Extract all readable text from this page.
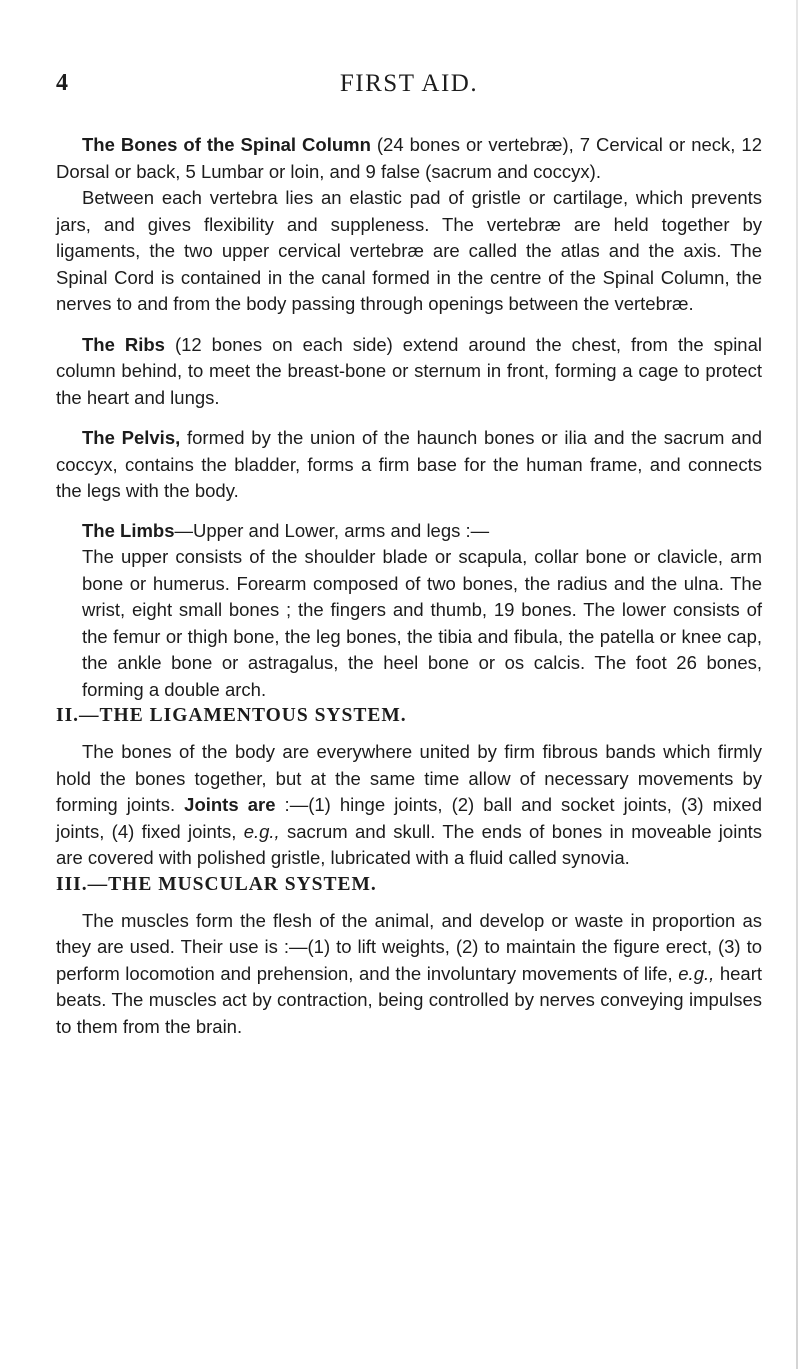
4	FIRST AID.

The Bones of the Spinal Column (24 bones or vertebræ), 7 Cervical or neck, 12 Dorsal or back, 5 Lumbar or loin, and 9 false (sacrum and coccyx).

Between each vertebra lies an elastic pad of gristle or cartilage, which prevents jars, and gives flexibility and suppleness. The vertebræ are held together by ligaments, the two upper cervical vertebræ are called the atlas and the axis. The Spinal Cord is contained in the canal formed in the centre of the Spinal Column, the nerves to and from the body passing through openings between the vertebræ.

The Ribs (12 bones on each side) extend around the chest, from the spinal column behind, to meet the breast-bone or sternum in front, forming a cage to protect the heart and lungs.

The Pelvis, formed by the union of the haunch bones or ilia and the sacrum and coccyx, contains the bladder, forms a firm base for the human frame, and connects the legs with the body.

The Limbs—Upper and Lower, arms and legs :—

The upper consists of the shoulder blade or scapula, collar bone or clavicle, arm bone or humerus. Forearm composed of two bones, the radius and the ulna. The wrist, eight small bones ; the fingers and thumb, 19 bones. The lower consists of the femur or thigh bone, the leg bones, the tibia and fibula, the patella or knee cap, the ankle bone or astragalus, the heel bone or os calcis. The foot 26 bones, forming a double arch.

II.—THE LIGAMENTOUS SYSTEM.

The bones of the body are everywhere united by firm fibrous bands which firmly hold the bones together, but at the same time allow of necessary movements by forming joints. Joints are :—(1) hinge joints, (2) ball and socket joints, (3) mixed joints, (4) fixed joints, e.g., sacrum and skull. The ends of bones in moveable joints are covered with polished gristle, lubricated with a fluid called synovia.

III.—THE MUSCULAR SYSTEM.

The muscles form the flesh of the animal, and develop or waste in proportion as they are used. Their use is :—(1) to lift weights, (2) to maintain the figure erect, (3) to perform locomotion and prehension, and the involuntary movements of life, e.g., heart beats. The muscles act by contraction, being controlled by nerves conveying impulses to them from the brain.
